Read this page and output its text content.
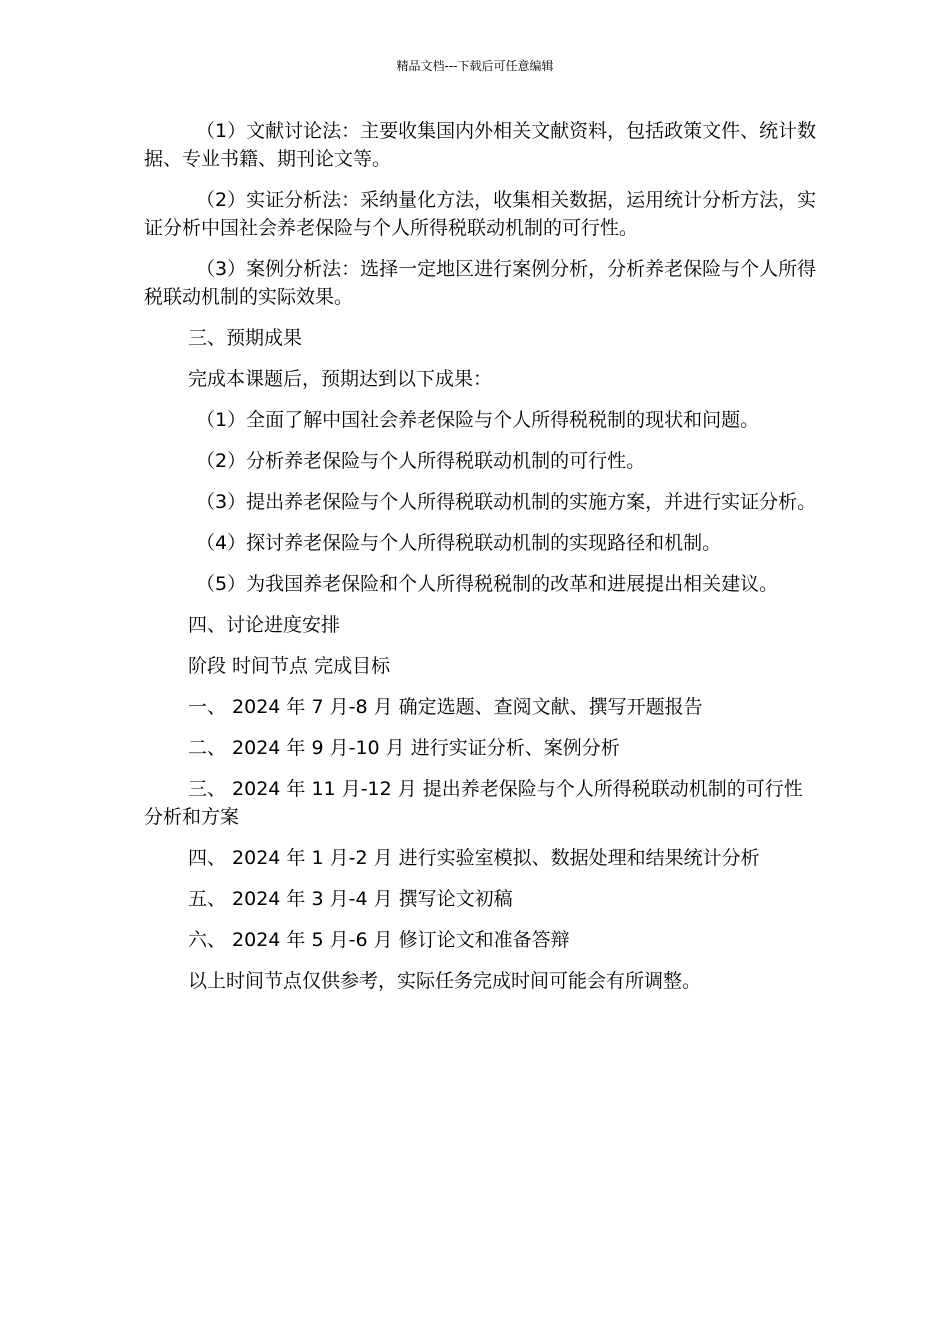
精品文档---下载后可任意编辑

（1）文献讨论法：主要收集国内外相关文献资料，包括政策文件、统计数据、专业书籍、期刊论文等。

（2）实证分析法：采纳量化方法，收集相关数据，运用统计分析方法，实证分析中国社会养老保险与个人所得税联动机制的可行性。

（3）案例分析法：选择一定地区进行案例分析，分析养老保险与个人所得税联动机制的实际效果。

三、预期成果

完成本课题后，预期达到以下成果：

（1）全面了解中国社会养老保险与个人所得税税制的现状和问题。

（2）分析养老保险与个人所得税联动机制的可行性。

（3）提出养老保险与个人所得税联动机制的实施方案，并进行实证分析。

（4）探讨养老保险与个人所得税联动机制的实现路径和机制。

（5）为我国养老保险和个人所得税税制的改革和进展提出相关建议。

四、讨论进度安排

阶段 时间节点 完成目标

一、 2024 年 7 月-8 月 确定选题、查阅文献、撰写开题报告

二、 2024 年 9 月-10 月 进行实证分析、案例分析

三、 2024 年 11 月-12 月 提出养老保险与个人所得税联动机制的可行性分析和方案

四、 2024 年 1 月-2 月 进行实验室模拟、数据处理和结果统计分析

五、 2024 年 3 月-4 月 撰写论文初稿

六、 2024 年 5 月-6 月 修订论文和准备答辩

以上时间节点仅供参考，实际任务完成时间可能会有所调整。
